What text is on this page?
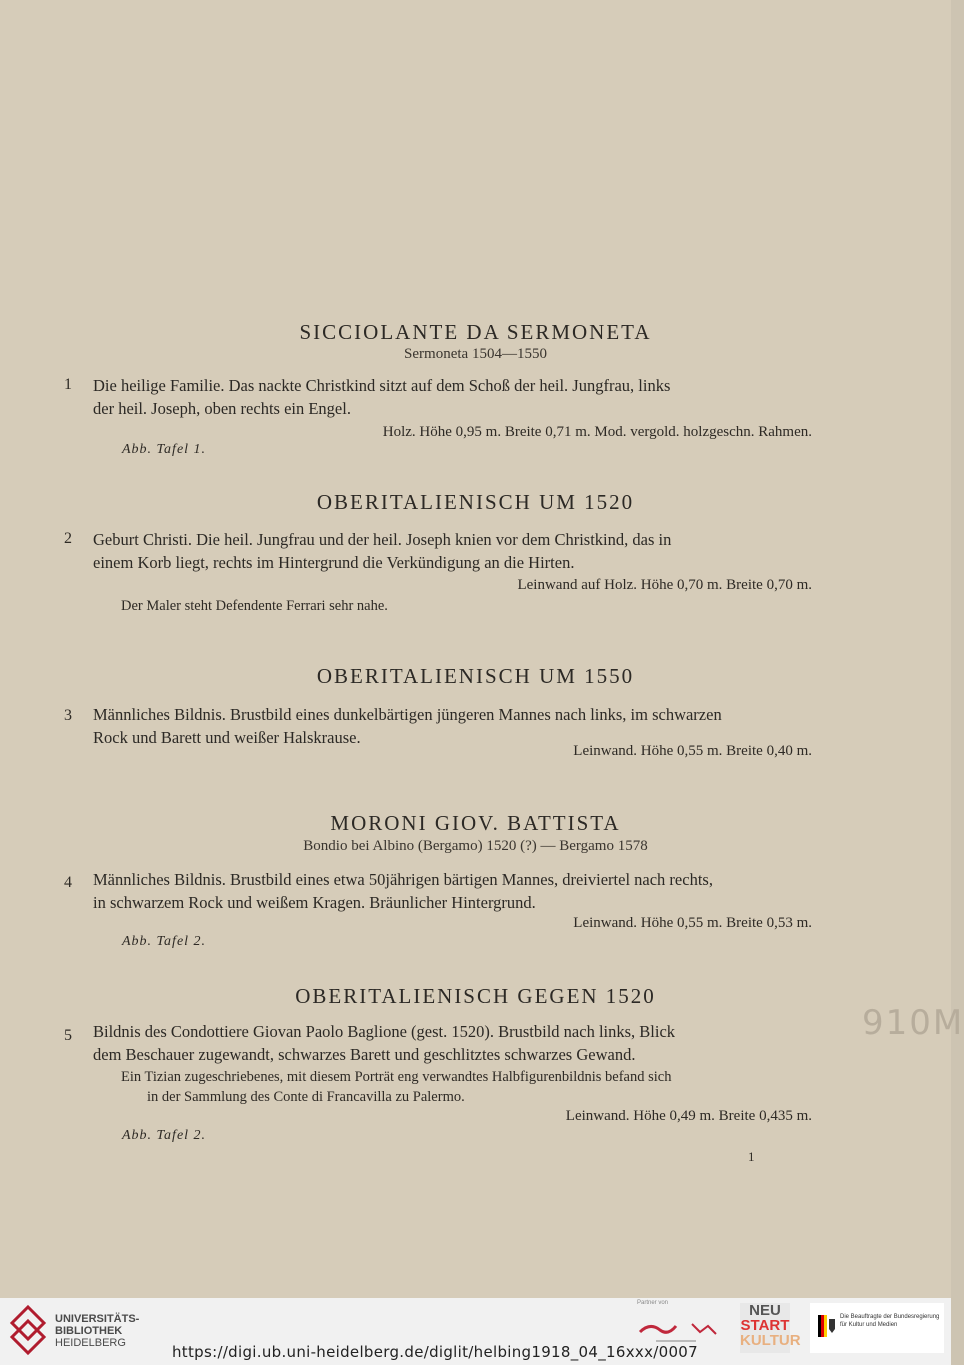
SICCIOLANTE DA SERMONETA
Sermoneta 1504—1550
1 Die heilige Familie. Das nackte Christkind sitzt auf dem Schoß der heil. Jungfrau, links
der heil. Joseph, oben rechts ein Engel.
Holz. Höhe 0,95 m. Breite 0,71 m. Mod. vergold. holzgeschn. Rahmen.
Abb. Tafel 1.
OBERITALIENISCH UM 1520
2 Geburt Christi. Die heil. Jungfrau und der heil. Joseph knien vor dem Christkind, das in
einem Korb liegt, rechts im Hintergrund die Verkündigung an die Hirten.
Leinwand auf Holz. Höhe 0,70 m. Breite 0,70 m.
Der Maler steht Defendente Ferrari sehr nahe.
OBERITALIENISCH UM 1550
3 Männliches Bildnis. Brustbild eines dunkelbärtigen jüngeren Mannes nach links, im schwarzen
Rock und Barett und weißer Halskrause.
Leinwand. Höhe 0,55 m. Breite 0,40 m.
MORONI GIOV. BATTISTA
Bondio bei Albino (Bergamo) 1520 (?) — Bergamo 1578
4 Männliches Bildnis. Brustbild eines etwa 50jährigen bärtigen Mannes, dreiviertel nach rechts,
in schwarzem Rock und weißem Kragen. Bräunlicher Hintergrund.
Leinwand. Höhe 0,55 m. Breite 0,53 m.
Abb. Tafel 2.
OBERITALIENISCH GEGEN 1520
5 Bildnis des Condottiere Giovan Paolo Baglione (gest. 1520). Brustbild nach links, Blick
dem Beschauer zugewandt, schwarzes Barett und geschlitztes schwarzes Gewand.
Ein Tizian zugeschriebenes, mit diesem Porträt eng verwandtes Halbfigurenbildnis befand sich
in der Sammlung des Conte di Francavilla zu Palermo.
Leinwand. Höhe 0,49 m. Breite 0,435 m.
Abb. Tafel 2.
1
910M
UNIVERSITÄTS-
BIBLIOTHEK
HEIDELBERG
Partner von
https://digi.ub.uni-heidelberg.de/diglit/helbing1918_04_16xxx/0007
NEU
START
KULTUR
Die Beauftragte der Bundesregierung für Kultur und Medien
